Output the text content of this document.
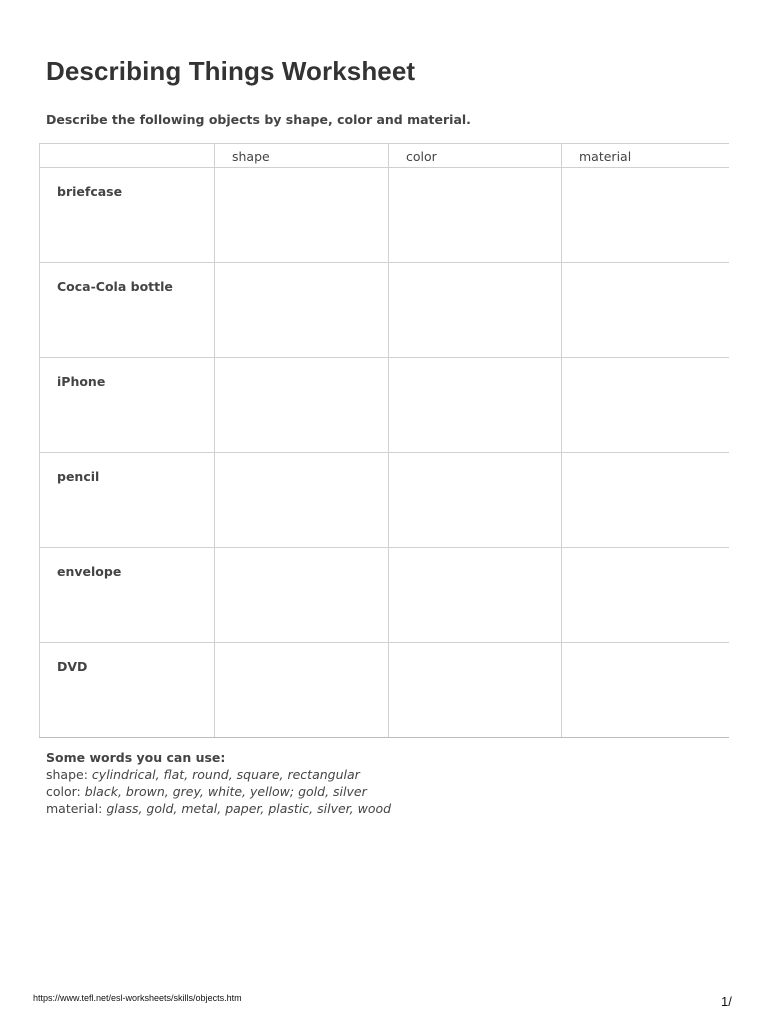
Describing Things Worksheet
Describe the following objects by shape, color and material.
	shape	color	material
briefcase			
Coca-Cola bottle			
iPhone			
pencil			
envelope			
DVD			
Some words you can use:
shape: cylindrical, flat, round, square, rectangular
color: black, brown, grey, white, yellow; gold, silver
material: glass, gold, metal, paper, plastic, silver, wood
https://www.tefl.net/esl-worksheets/skills/objects.htm	1/
